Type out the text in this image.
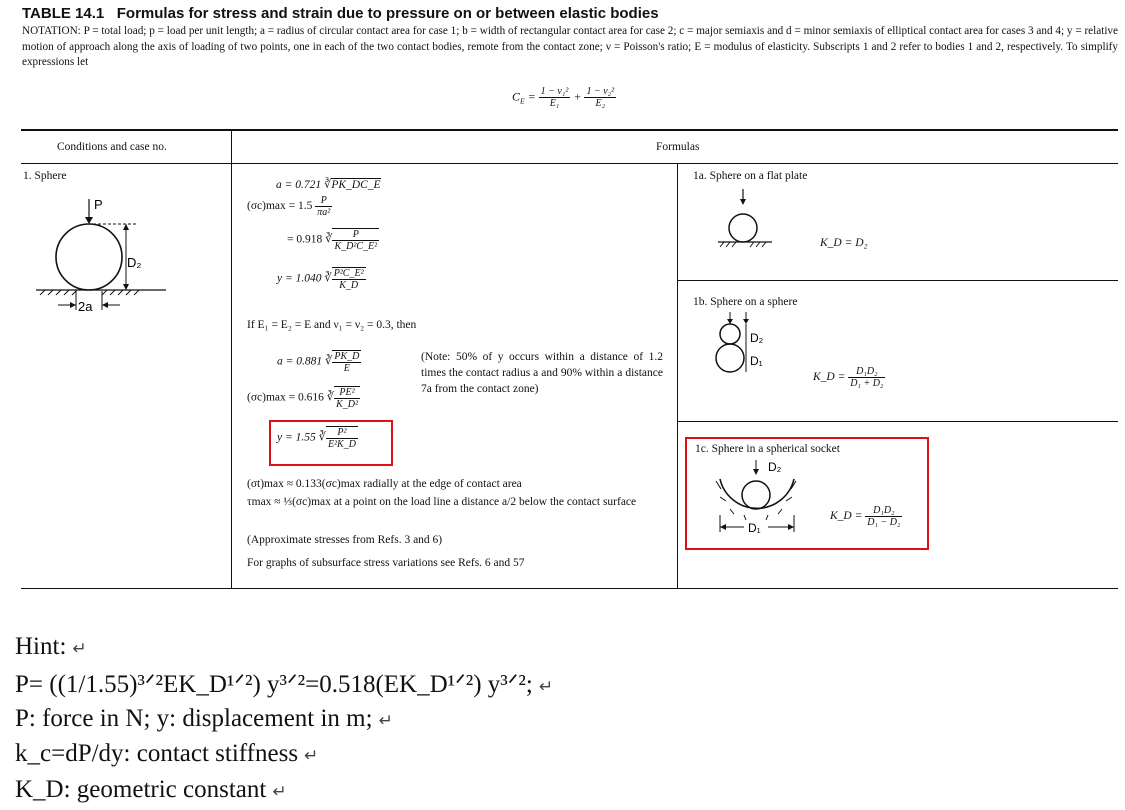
TABLE 14.1 Formulas for stress and strain due to pressure on or between elastic bodies
NOTATION: P = total load; p = load per unit length; a = radius of circular contact area for case 1; b = width of rectangular contact area for case 2; c = major semiaxis and d = minor semiaxis of elliptical contact area for cases 3 and 4; y = relative motion of approach along the axis of loading of two points, one in each of the two contact bodies, remote from the contact zone; ν = Poisson's ratio; E = modulus of elasticity. Subscripts 1 and 2 refer to bodies 1 and 2, respectively. To simplify expressions let
$C_E = \frac{\text{1 − ν₁²}}{\text{E₁}} + \frac{\text{1 − ν₂²}}{\text{E₂}}$
Conditions and case no.	Formulas
1. Sphere
P
D₂
2a
a = 0.721 ∛PK_DC_E
$(\sigma c)\max = 1.5 \frac{P}{\text{πa²}}$
= 0.918 ∛ $\frac{P}{\text{K\_D²C\_E²}}$
y = 1.040 ∛ $\frac{\text{P²C\_E²}}{K\_D}$
If E₁ = E₂ = E and ν₁ = ν₂ = 0.3, then
a = 0.881 ∛ $\frac{PK\_D}{E}$
(σc)max = 0.616 ∛ $\frac{\text{PE²}}{\text{K\_D²}}$
y = 1.55 ∛ $\frac{\text{P²}}{\text{E²K\_D}}$
(Note: 50% of y occurs within a distance of 1.2 times the contact radius a and 90% within a distance 7a from the contact zone)
(σt)max ≈ 0.133(σc)max radially at the edge of contact area
τmax ≈ ⅓(σc)max at a point on the load line a distance a/2 below the contact surface
(Approximate stresses from Refs. 3 and 6)
For graphs of subsurface stress variations see Refs. 6 and 57
1a. Sphere on a flat plate
K_D = D₂
1b. Sphere on a sphere
D₂
D₁
K_D = $\frac{\text{D₁D₂}}{\text{D₁ + D₂}}$
1c. Sphere in a spherical socket
D₂
D₁
K_D = $\frac{\text{D₁D₂}}{\text{D₁ − D₂}}$
Hint: ↵
P= ((1/1.55)³ᐟ²EK_D¹ᐟ²) y³ᐟ²=0.518(EK_D¹ᐟ²) y³ᐟ²; ↵
P: force in N; y: displacement in m; ↵
k_c=dP/dy: contact stiffness ↵
K_D: geometric constant ↵
